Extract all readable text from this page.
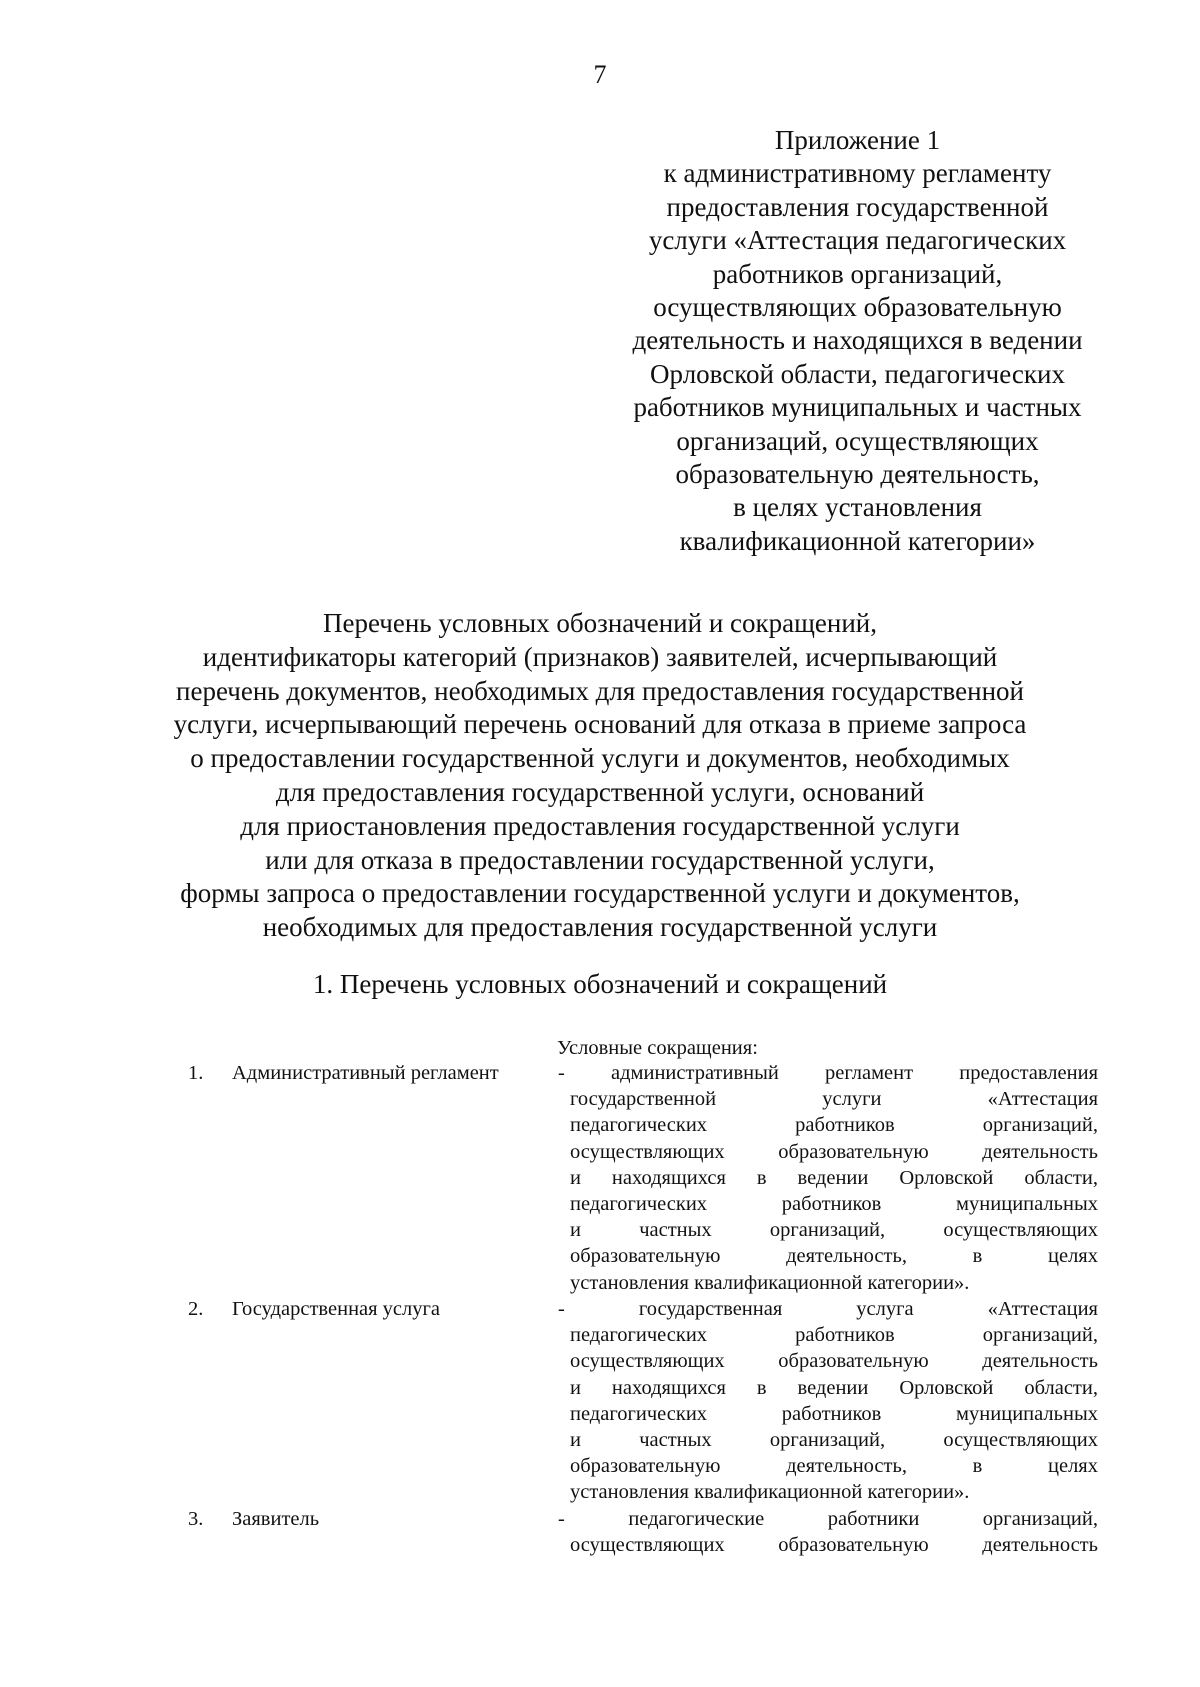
7
Приложение 1
к административному регламенту
предоставления государственной
услуги «Аттестация педагогических
работников организаций,
осуществляющих образовательную
деятельность и находящихся в ведении
Орловской области, педагогических
работников муниципальных и частных
организаций, осуществляющих
образовательную деятельность,
в целях установления
квалификационной категории»
Перечень условных обозначений и сокращений,
идентификаторы категорий (признаков) заявителей, исчерпывающий
перечень документов, необходимых для предоставления государственной
услуги, исчерпывающий перечень оснований для отказа в приеме запроса
о предоставлении государственной услуги и документов, необходимых
для предоставления государственной услуги, оснований
для приостановления предоставления государственной услуги
или для отказа в предоставлении государственной услуги,
формы запроса о предоставлении государственной услуги и документов,
необходимых для предоставления государственной услуги
1. Перечень условных обозначений и сокращений
Условные сокращения:
1. Административный регламент	- административный регламент предоставления
государственной услуги «Аттестация
педагогических работников организаций,
осуществляющих образовательную деятельность
и находящихся в ведении Орловской области,
педагогических работников муниципальных
и частных организаций, осуществляющих
образовательную деятельность, в целях
установления квалификационной категории».
2. Государственная услуга	- государственная услуга «Аттестация
педагогических работников организаций,
осуществляющих образовательную деятельность
и находящихся в ведении Орловской области,
педагогических работников муниципальных
и частных организаций, осуществляющих
образовательную деятельность, в целях
установления квалификационной категории».
3. Заявитель	- педагогические работники организаций,
осуществляющих образовательную деятельность
